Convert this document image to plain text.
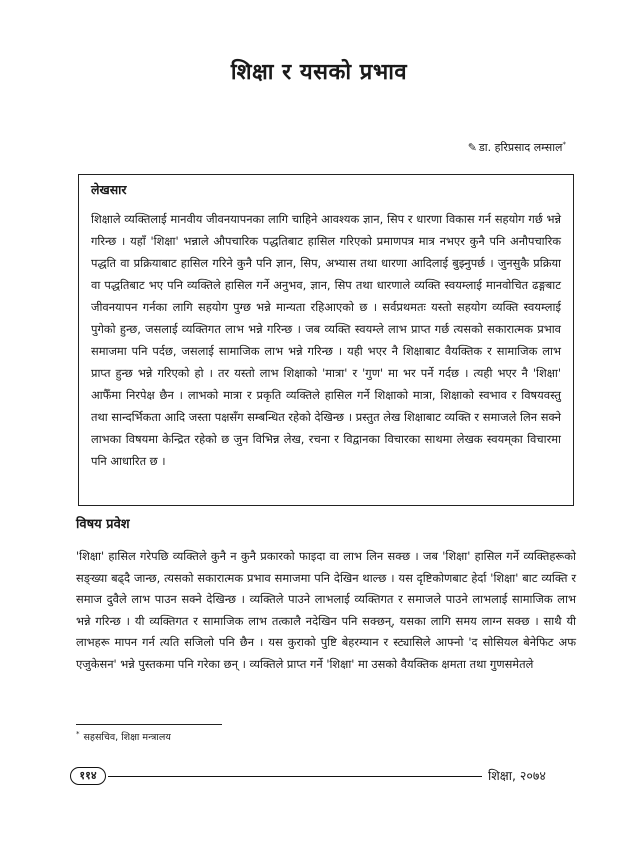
शिक्षा र यसको प्रभाव
✎ डा. हरिप्रसाद लम्साल*
लेखसार

शिक्षाले व्यक्तिलाई मानवीय जीवनयापनका लागि चाहिने आवश्यक ज्ञान, सिप र धारणा विकास गर्न सहयोग गर्छ भन्ने गरिन्छ । यहाँ 'शिक्षा' भन्नाले औपचारिक पद्धतिबाट हासिल गरिएको प्रमाणपत्र मात्र नभएर कुनै पनि अनौपचारिक पद्धति वा प्रक्रियाबाट हासिल गरिने कुनै पनि ज्ञान, सिप, अभ्यास तथा धारणा आदिलाई बुझ्नुपर्छ । जुनसुकै प्रक्रिया वा पद्धतिबाट भए पनि व्यक्तिले हासिल गर्ने अनुभव, ज्ञान, सिप तथा धारणाले व्यक्ति स्वयम्लाई मानवोचित ढङ्गबाट जीवनयापन गर्नका लागि सहयोग पुग्छ भन्ने मान्यता रहिआएको छ । सर्वप्रथमतः यस्तो सहयोग व्यक्ति स्वयम्लाई पुगेको हुन्छ, जसलाई व्यक्तिगत लाभ भन्ने गरिन्छ । जब व्यक्ति स्वयम्ले लाभ प्राप्त गर्छ त्यसको सकारात्मक प्रभाव समाजमा पनि पर्दछ, जसलाई सामाजिक लाभ भन्ने गरिन्छ । यही भएर नै शिक्षाबाट वैयक्तिक र सामाजिक लाभ प्राप्त हुन्छ भन्ने गरिएको हो । तर यस्तो लाभ शिक्षाको 'मात्रा' र 'गुण' मा भर पर्ने गर्दछ । त्यही भएर नै 'शिक्षा' आफैँमा निरपेक्ष छैन । लाभको मात्रा र प्रकृति व्यक्तिले हासिल गर्ने शिक्षाको मात्रा, शिक्षाको स्वभाव र विषयवस्तु तथा सान्दर्भिकता आदि जस्ता पक्षसँग सम्बन्धित रहेको देखिन्छ । प्रस्तुत लेख शिक्षाबाट व्यक्ति र समाजले लिन सक्ने लाभका विषयमा केन्द्रित रहेको छ जुन विभिन्न लेख, रचना र विद्वानका विचारका साथमा लेखक स्वयम्‌का विचारमा पनि आधारित छ ।

विषय प्रवेश

'शिक्षा' हासिल गरेपछि व्यक्तिले कुनै न कुनै प्रकारको फाइदा वा लाभ लिन सक्छ । जब 'शिक्षा' हासिल गर्ने व्यक्तिहरूको सङ्ख्या बढ्दै जान्छ, त्यसको सकारात्मक प्रभाव समाजमा पनि देखिन थाल्छ । यस दृष्टिकोणबाट हेर्दा 'शिक्षा' बाट व्यक्ति र समाज दुवैले लाभ पाउन सक्ने देखिन्छ । व्यक्तिले पाउने लाभलाई व्यक्तिगत र समाजले पाउने लाभलाई सामाजिक लाभ भन्ने गरिन्छ । यी व्यक्तिगत र सामाजिक लाभ तत्कालै नदेखिन पनि सक्छन्, यसका लागि समय लाग्न सक्छ । साथै यी लाभहरू मापन गर्न त्यति सजिलो पनि छैन । यस कुराको पुष्टि बेहरम्यान र स्ट्यासिले आफ्नो 'द सोसियल बेनेफिट अफ एजुकेसन' भन्ने पुस्तकमा पनि गरेका छन् । व्यक्तिले प्राप्त गर्ने 'शिक्षा' मा उसको वैयक्तिक क्षमता तथा गुणसमेतले

* सहसचिव, शिक्षा मन्त्रालय
११४	शिक्षा, २०७४
